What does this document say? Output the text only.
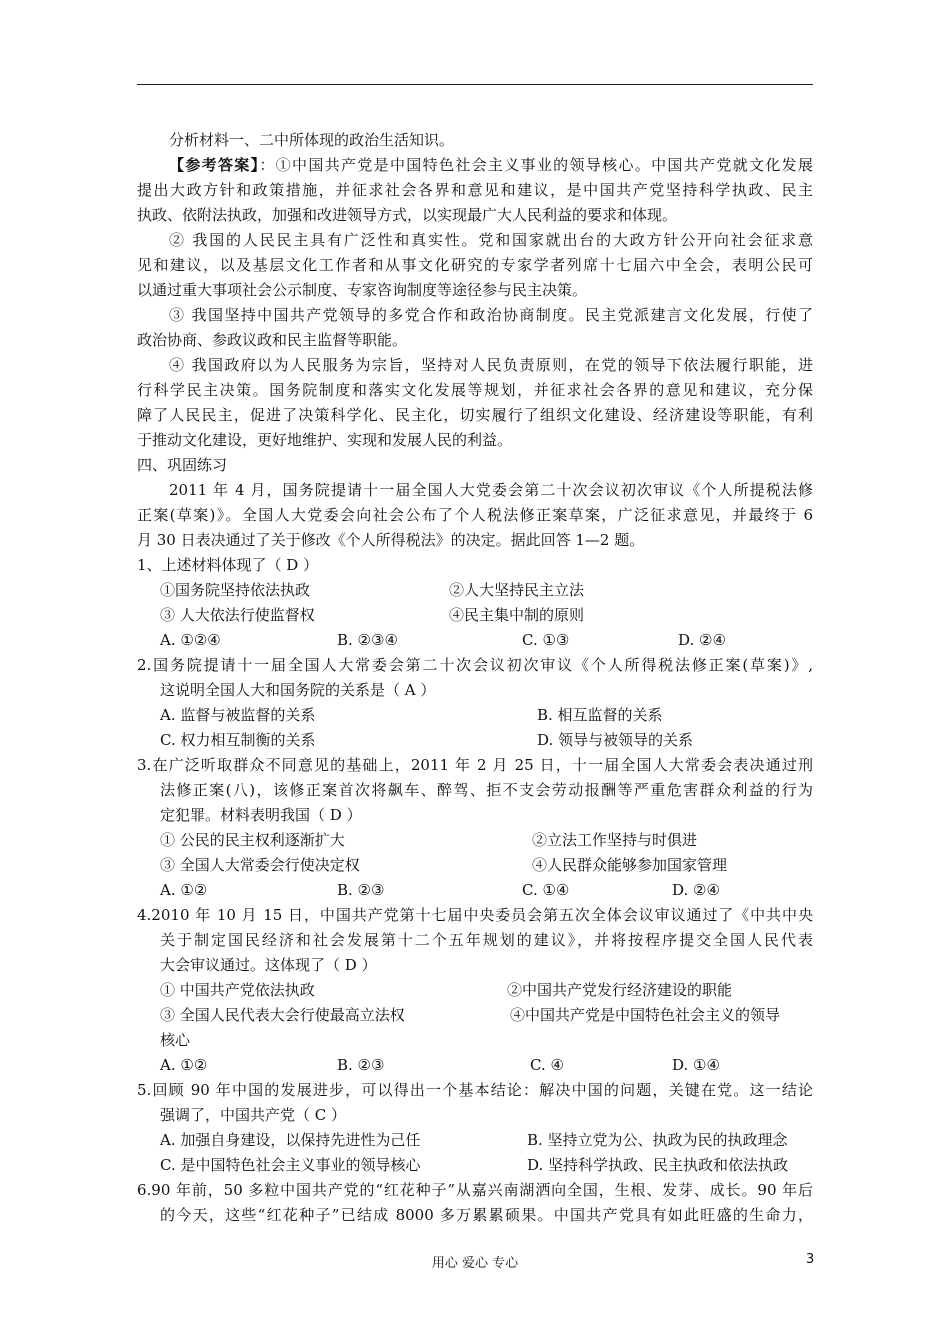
分析材料一、二中所体现的政治生活知识。
【参考答案】：①中国共产党是中国特色社会主义事业的领导核心。中国共产党就文化发展
提出大政方针和政策措施，并征求社会各界和意见和建议，是中国共产党坚持科学执政、民主
执政、依附法执政，加强和改进领导方式，以实现最广大人民利益的要求和体现。
② 我国的人民民主具有广泛性和真实性。党和国家就出台的大政方针公开向社会征求意
见和建议，以及基层文化工作者和从事文化研究的专家学者列席十七届六中全会，表明公民可
以通过重大事项社会公示制度、专家咨询制度等途径参与民主决策。
③ 我国坚持中国共产党领导的多党合作和政治协商制度。民主党派建言文化发展，行使了
政治协商、参政议政和民主监督等职能。
④ 我国政府以为人民服务为宗旨，坚持对人民负责原则，在党的领导下依法履行职能，进
行科学民主决策。国务院制度和落实文化发展等规划，并征求社会各界的意见和建议，充分保
障了人民民主，促进了决策科学化、民主化，切实履行了组织文化建设、经济建设等职能，有利
于推动文化建设，更好地维护、实现和发展人民的利益。
四、巩固练习
2011 年 4 月，国务院提请十一届全国人大党委会第二十次会议初次审议《个人所提税法修
正案(草案)》。全国人大党委会向社会公布了个人税法修正案草案，广泛征求意见，并最终于 6
月 30 日表决通过了关于修改《个人所得税法》的决定。据此回答 1—2 题。
1、上述材料体现了（ D ）
①国务院坚持依法执政	②人大坚持民主立法
③ 人大依法行使监督权	④民主集中制的原则
A. ①②④	B. ②③④	C. ①③	D. ②④
2.国务院提请十一届全国人大常委会第二十次会议初次审议《个人所得税法修正案(草案)》,
这说明全国人大和国务院的关系是（ A ）
A. 监督与被监督的关系	B. 相互监督的关系
C. 权力相互制衡的关系	D. 领导与被领导的关系
3.在广泛听取群众不同意见的基础上，2011 年 2 月 25 日，十一届全国人大常委会表决通过刑
法修正案(八)，该修正案首次将飙车、醉驾、拒不支会劳动报酬等严重危害群众利益的行为
定犯罪。材料表明我国（ D ）
① 公民的民主权利逐渐扩大	②立法工作坚持与时俱进
③ 全国人大常委会行使决定权	④人民群众能够参加国家管理
A. ①②	B. ②③	C. ①④	D. ②④
4.2010 年 10 月 15 日，中国共产党第十七届中央委员会第五次全体会议审议通过了《中共中央
关于制定国民经济和社会发展第十二个五年规划的建议》，并将按程序提交全国人民代表
大会审议通过。这体现了（ D ）
① 中国共产党依法执政	②中国共产党发行经济建设的职能
③ 全国人民代表大会行使最高立法权	④中国共产党是中国特色社会主义的领导
核心
A. ①②	B. ②③	C. ④	D. ①④
5.回顾 90 年中国的发展进步，可以得出一个基本结论：解决中国的问题，关键在党。这一结论
强调了，中国共产党（ C ）
A. 加强自身建设，以保持先进性为己任	B. 坚持立党为公、执政为民的执政理念
C. 是中国特色社会主义事业的领导核心	D. 坚持科学执政、民主执政和依法执政
6.90 年前，50 多粒中国共产党的“红花种子”从嘉兴南湖洒向全国，生根、发芽、成长。90 年后
的今天，这些“红花种子”已结成 8000 多万累累硕果。中国共产党具有如此旺盛的生命力，
用心 爱心 专心	3
